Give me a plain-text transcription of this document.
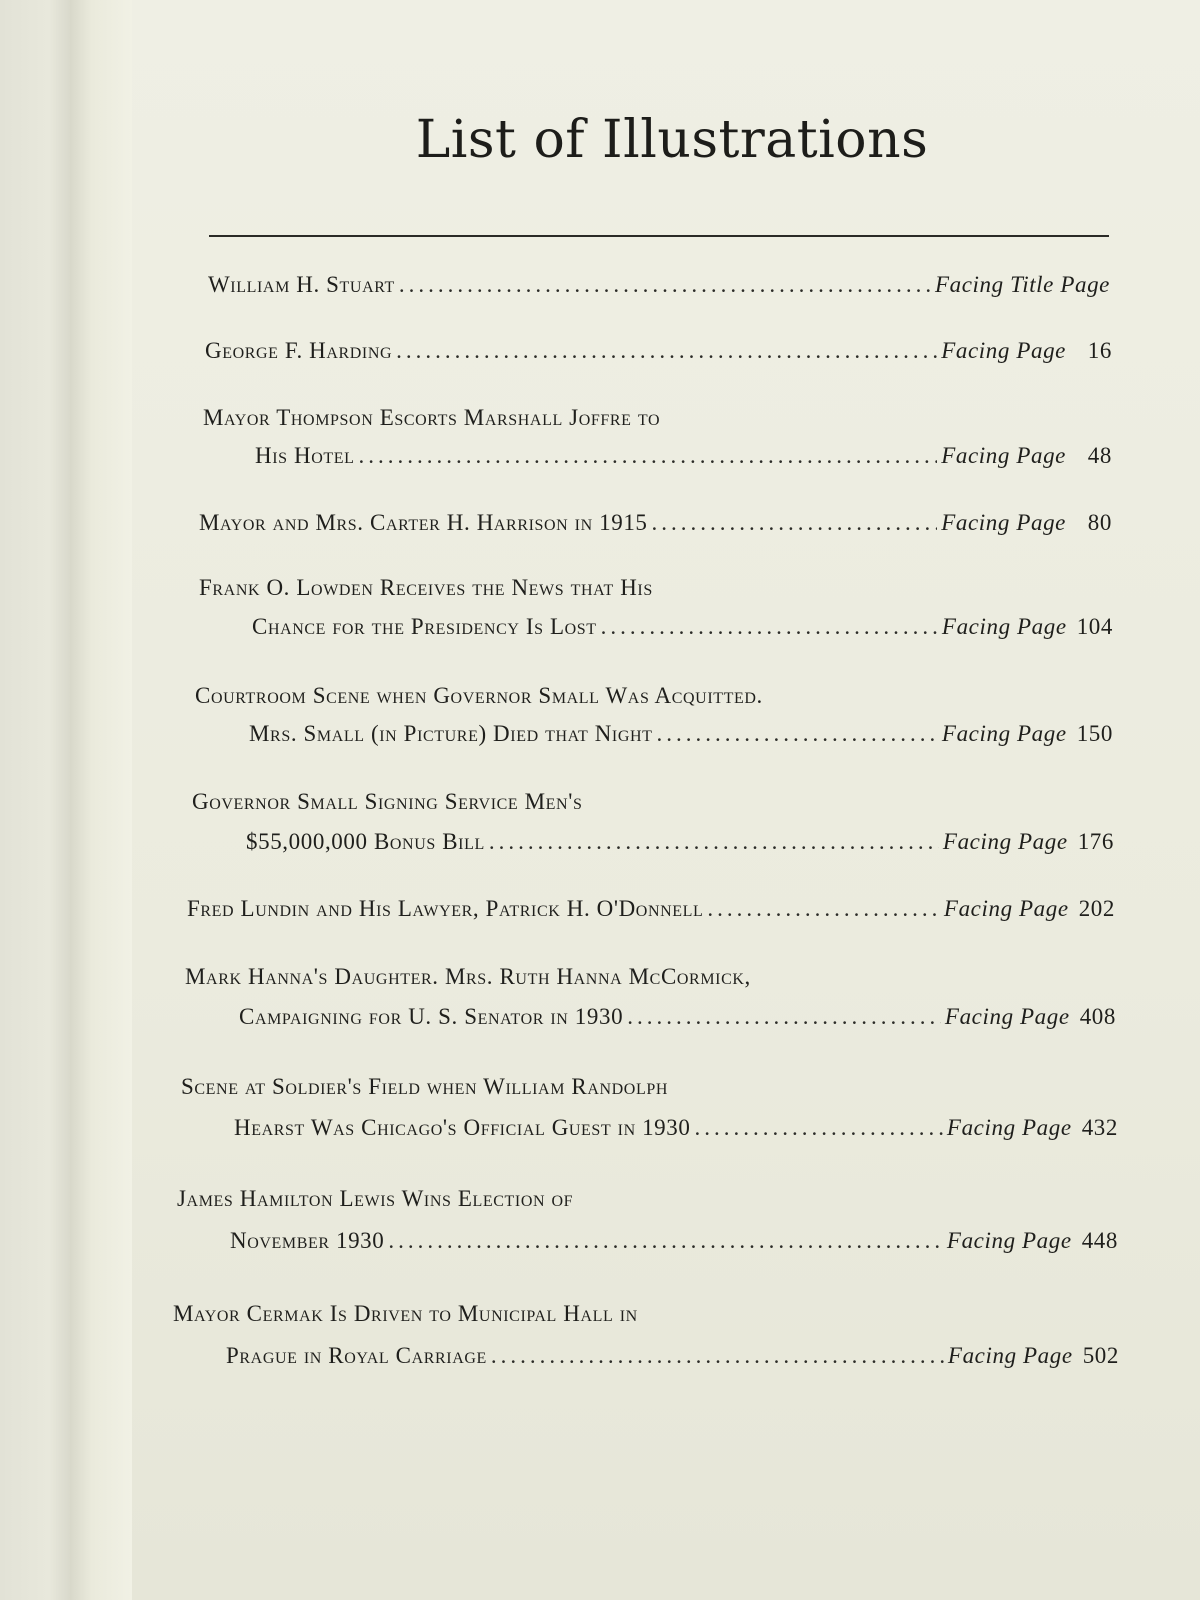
List of Illustrations
William H. Stuart .....	Facing Title Page
George F. Harding .....	Facing Page 16
Mayor Thompson Escorts Marshall Joffre to
His Hotel .....	Facing Page 48
Mayor and Mrs. Carter H. Harrison in 1915 .....	Facing Page 80
Frank O. Lowden Receives the News that His
Chance for the Presidency Is Lost .....	Facing Page 104
Courtroom Scene when Governor Small Was Acquitted.
Mrs. Small (in Picture) Died that Night .....	Facing Page 150
Governor Small Signing Service Men's
$55,000,000 Bonus Bill .....	Facing Page 176
Fred Lundin and His Lawyer, Patrick H. O'Donnell .....	Facing Page 202
Mark Hanna's Daughter. Mrs. Ruth Hanna McCormick,
Campaigning for U. S. Senator in 1930 .....	Facing Page 408
Scene at Soldier's Field when William Randolph
Hearst Was Chicago's Official Guest in 1930 .....	Facing Page 432
James Hamilton Lewis Wins Election of
November 1930 .....	Facing Page 448
Mayor Cermak Is Driven to Municipal Hall in
Prague in Royal Carriage .....	Facing Page 502
